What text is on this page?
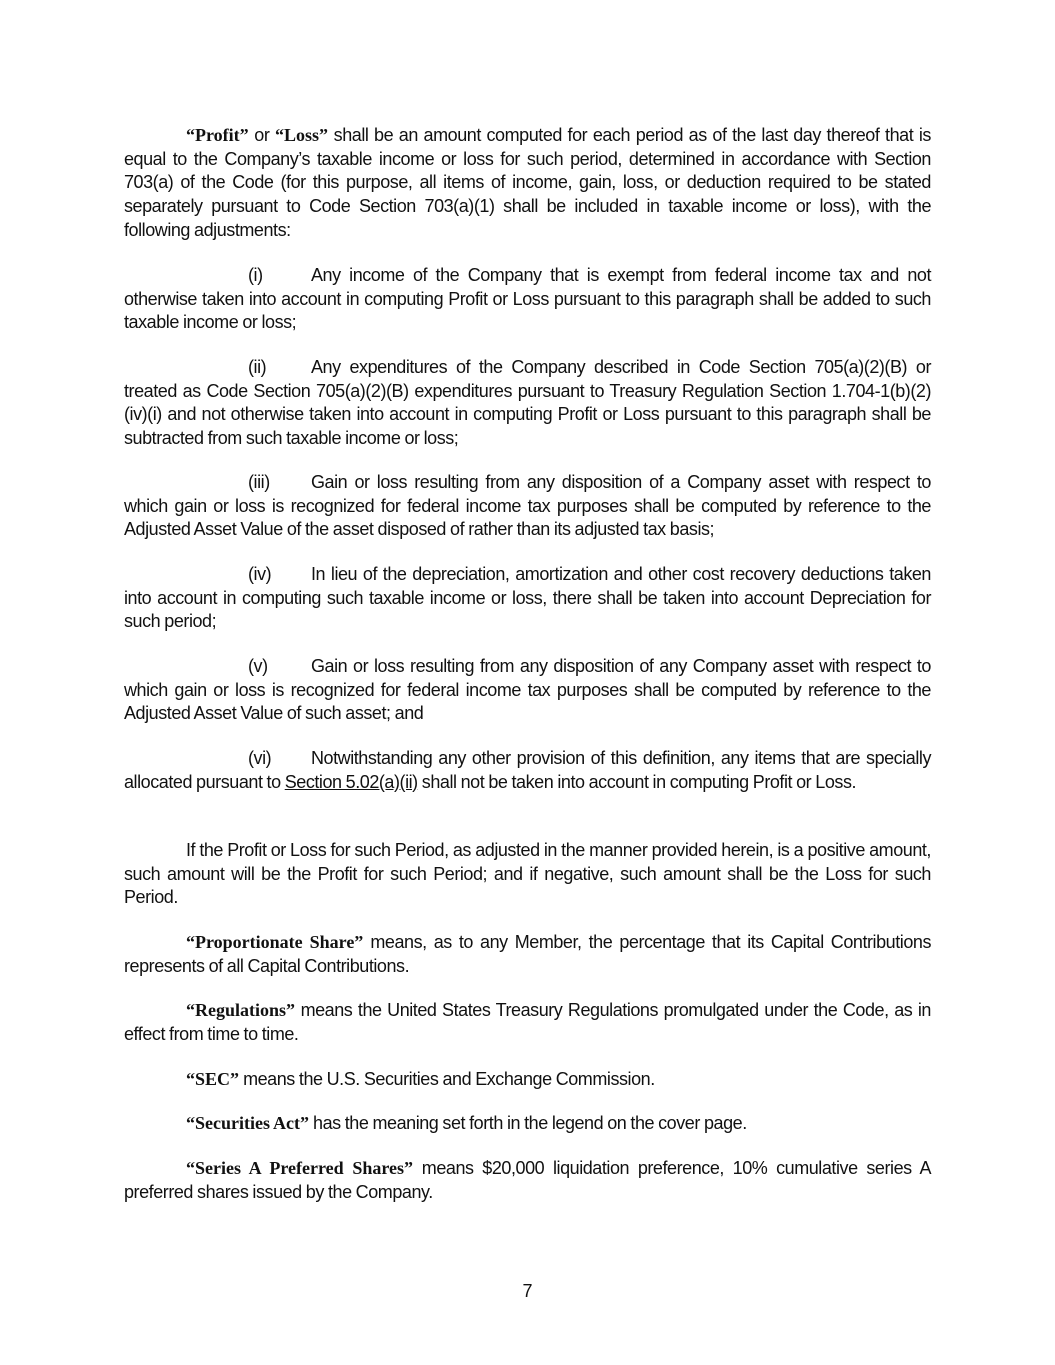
“Profit” or “Loss” shall be an amount computed for each period as of the last day thereof that is equal to the Company’s taxable income or loss for such period, determined in accordance with Section 703(a) of the Code (for this purpose, all items of income, gain, loss, or deduction required to be stated separately pursuant to Code Section 703(a)(1) shall be included in taxable income or loss), with the following adjustments:
(i)	Any income of the Company that is exempt from federal income tax and not otherwise taken into account in computing Profit or Loss pursuant to this paragraph shall be added to such taxable income or loss;
(ii) Any expenditures of the Company described in Code Section 705(a)(2)(B) or treated as Code Section 705(a)(2)(B) expenditures pursuant to Treasury Regulation Section 1.704-1(b)(2)(iv)(i) and not otherwise taken into account in computing Profit or Loss pursuant to this paragraph shall be subtracted from such taxable income or loss;
(iii) Gain or loss resulting from any disposition of a Company asset with respect to which gain or loss is recognized for federal income tax purposes shall be computed by reference to the Adjusted Asset Value of the asset disposed of rather than its adjusted tax basis;
(iv) In lieu of the depreciation, amortization and other cost recovery deductions taken into account in computing such taxable income or loss, there shall be taken into account Depreciation for such period;
(v) Gain or loss resulting from any disposition of any Company asset with respect to which gain or loss is recognized for federal income tax purposes shall be computed by reference to the Adjusted Asset Value of such asset; and
(vi) Notwithstanding any other provision of this definition, any items that are specially allocated pursuant to Section 5.02(a)(ii) shall not be taken into account in computing Profit or Loss.
If the Profit or Loss for such Period, as adjusted in the manner provided herein, is a positive amount, such amount will be the Profit for such Period; and if negative, such amount shall be the Loss for such Period.
“Proportionate Share” means, as to any Member, the percentage that its Capital Contributions represents of all Capital Contributions.
“Regulations” means the United States Treasury Regulations promulgated under the Code, as in effect from time to time.
“SEC” means the U.S. Securities and Exchange Commission.
“Securities Act” has the meaning set forth in the legend on the cover page.
“Series A Preferred Shares” means $20,000 liquidation preference, 10% cumulative series A preferred shares issued by the Company.
7
